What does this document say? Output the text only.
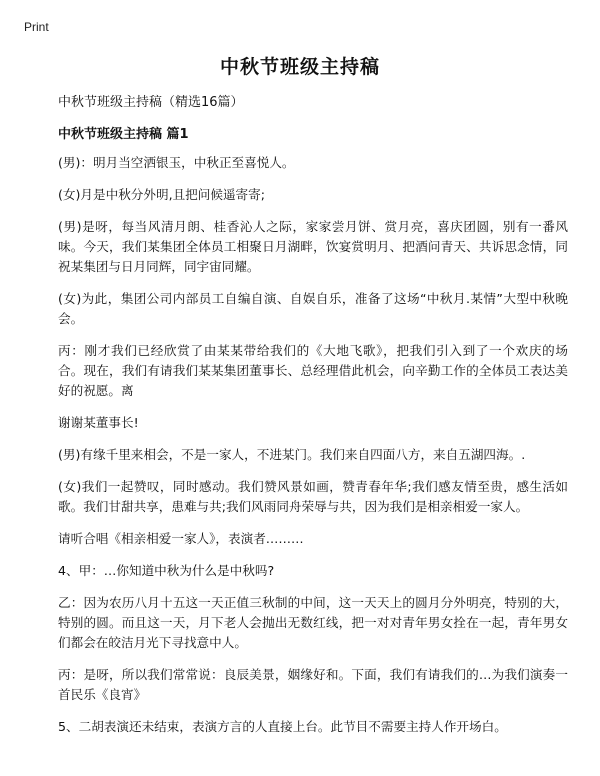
Print
中秋节班级主持稿

中秋节班级主持稿（精选16篇）

中秋节班级主持稿 篇1

(男)：明月当空洒银玉，中秋正至喜悦人。

(女)月是中秋分外明,且把问候遥寄寄;

(男)是呀，每当风清月朗、桂香沁人之际，家家尝月饼、赏月亮，喜庆团圆，别有一番风味。今天，我们某集团全体员工相聚日月湖畔，饮宴赏明月、把酒问青天、共诉思念情，同祝某集团与日月同辉，同宇宙同耀。

(女)为此，集团公司内部员工自编自演、自娱自乐，准备了这场“中秋月.某情”大型中秋晚会。

丙：刚才我们已经欣赏了由某某带给我们的《大地飞歌》，把我们引入到了一个欢庆的场合。现在，我们有请我们某某集团董事长、总经理借此机会，向辛勤工作的全体员工表达美好的祝愿。离

谢谢某董事长!

(男)有缘千里来相会，不是一家人，不进某门。我们来自四面八方，来自五湖四海。.

(女)我们一起赞叹，同时感动。我们赞风景如画，赞青春年华;我们感友情至贵，感生活如歌。我们甘甜共享，患难与共;我们风雨同舟荣辱与共，因为我们是相亲相爱一家人。

请听合唱《相亲相爱一家人》，表演者………

4、甲：…你知道中秋为什么是中秋吗?

乙：因为农历八月十五这一天正值三秋制的中间，这一天天上的圆月分外明亮，特别的大，特别的圆。而且这一天，月下老人会抛出无数红线，把一对对青年男女拴在一起，青年男女们都会在皎洁月光下寻找意中人。

丙：是呀，所以我们常常说：良辰美景，姻缘好和。下面，我们有请我们的…为我们演奏一首民乐《良宵》

5、二胡表演还未结束，表演方言的人直接上台。此节目不需要主持人作开场白。
